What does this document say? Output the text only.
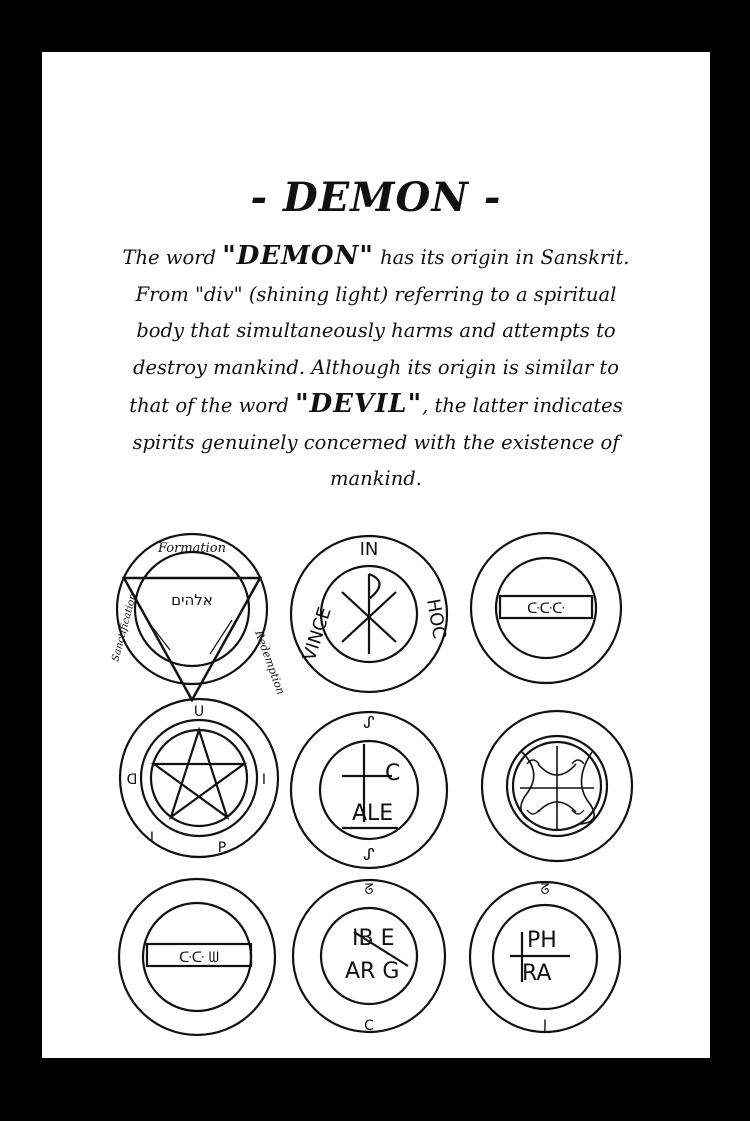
- DEMON -
The word "DEMON" has its origin in Sanskrit.
From "div" (shining light) referring to a spiritual
body that simultaneously harms and attempts to
destroy mankind. Although its origin is similar to
that of the word "DEVIL", the latter indicates
spirits genuinely concerned with the existence of
mankind.
Formation
אלהים
Redemption
Sanctification
IN
VINCE	HOC	ᑢᑢᑢ
ᑌ
ᗡ	I
P
I
C
ALE
ᔑ
ᔑ
ᑢᑢ ᗯ
IB E
AR G
ᘔ
C
PH
RA
ᘔ
J
